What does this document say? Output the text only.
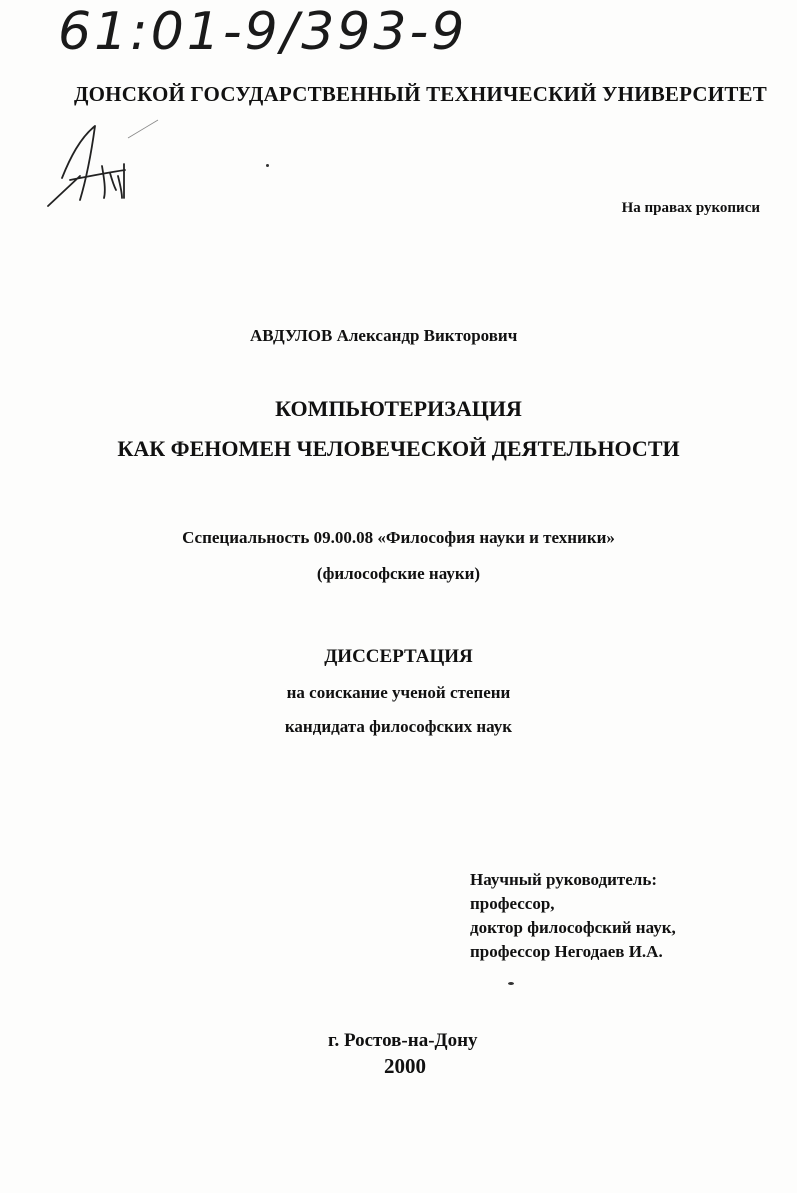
61:01-9/393-9
ДОНСКОЙ ГОСУДАРСТВЕННЫЙ ТЕХНИЧЕСКИЙ УНИВЕРСИТЕТ
На правах рукописи
АВДУЛОВ Александр Викторович
КОМПЬЮТЕРИЗАЦИЯ
КАК ФЕНОМЕН ЧЕЛОВЕЧЕСКОЙ ДЕЯТЕЛЬНОСТИ
Сспециальность 09.00.08 «Философия науки и техники»
(философские науки)
ДИССЕРТАЦИЯ
на соискание ученой степени
кандидата философских наук
Научный руководитель:
профессор,
доктор философский наук,
профессор Негодаев И.А.
г. Ростов-на-Дону
2000
